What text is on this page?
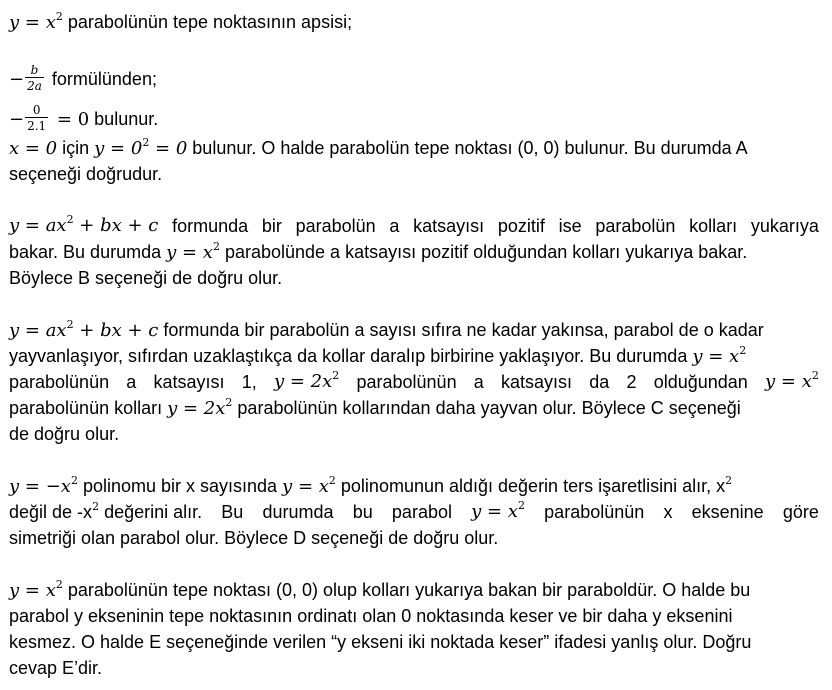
$y = x^2$ parabolünün tepe noktasının apsisi;
− $\frac{b}{2a}$ formülünden;
− $\frac{0}{2.1} = 0$ bulunur.
x = 0 için $y = 0^2 = 0$ bulunur. O halde parabolün tepe noktası (0, 0) bulunur. Bu durumda A
seçeneği doğrudur.
$y = ax^2$ + bx + c formunda bir parabolün a katsayısı pozitif ise parabolün kolları yukarıya
bakar. Bu durumda $y = x^2$ parabolünde a katsayısı pozitif olduğundan kolları yukarıya bakar.
Böylece B seçeneği de doğru olur.
$y = ax^2$ + bx + c formunda bir parabolün a sayısı sıfıra ne kadar yakınsa, parabol de o kadar
yayvanlaşıyor, sıfırdan uzaklaştıkça da kollar daralıp birbirine yaklaşıyor. Bu durumda $y = x^2$
parabolünün a katsayısı 1, $y = 2x^2$ parabolünün a katsayısı da 2 olduğundan $y = x^2$
parabolünün kolları $y = 2x^2$ parabolünün kollarından daha yayvan olur. Böylece C seçeneği
de doğru olur.
$y = -x^2$ polinomu bir x sayısında $y = x^2$ polinomunun aldığı değerin ters işaretlisini alır, $x^2$
değil de $-x^2$ değerini alır. Bu durumda bu parabol $y = x^2$ parabolünün x eksenine göre
simetriği olan parabol olur. Böylece D seçeneği de doğru olur.
$y = x^2$ parabolünün tepe noktası (0, 0) olup kolları yukarıya bakan bir paraboldür. O halde bu
parabol y ekseninin tepe noktasının ordinatı olan 0 noktasında keser ve bir daha y eksenini
kesmez. O halde E seçeneğinde verilen “y ekseni iki noktada keser” ifadesi yanlış olur. Doğru
cevap E’dir.
